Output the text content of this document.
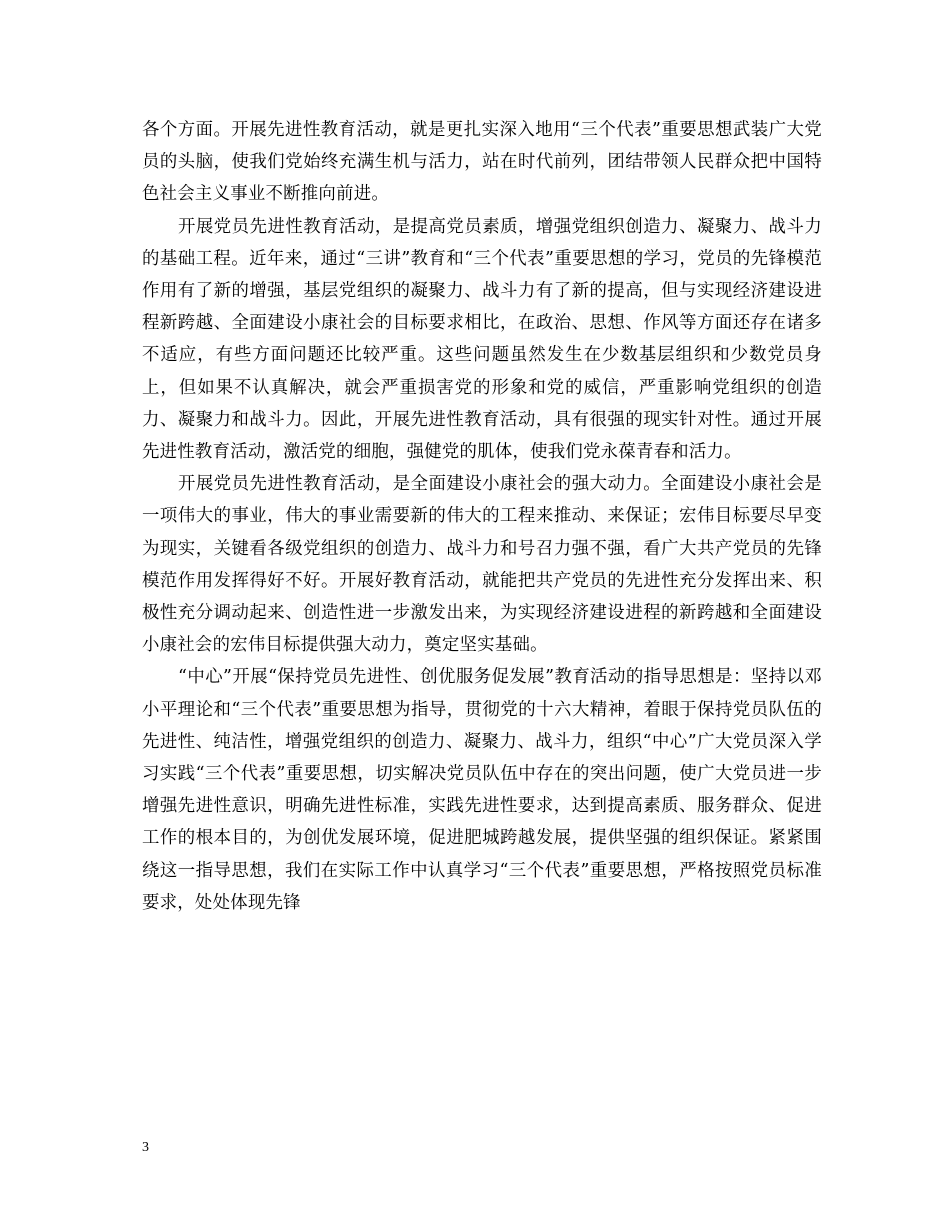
各个方面。开展先进性教育活动，就是更扎实深入地用“三个代表”重要思想武装广大党员的头脑，使我们党始终充满生机与活力，站在时代前列，团结带领人民群众把中国特色社会主义事业不断推向前进。

开展党员先进性教育活动，是提高党员素质，增强党组织创造力、凝聚力、战斗力的基础工程。近年来，通过“三讲”教育和“三个代表”重要思想的学习，党员的先锋模范作用有了新的增强，基层党组织的凝聚力、战斗力有了新的提高，但与实现经济建设进程新跨越、全面建设小康社会的目标要求相比，在政治、思想、作风等方面还存在诸多不适应，有些方面问题还比较严重。这些问题虽然发生在少数基层组织和少数党员身上，但如果不认真解决，就会严重损害党的形象和党的威信，严重影响党组织的创造力、凝聚力和战斗力。因此，开展先进性教育活动，具有很强的现实针对性。通过开展先进性教育活动，激活党的细胞，强健党的肌体，使我们党永葆青春和活力。

开展党员先进性教育活动，是全面建设小康社会的强大动力。全面建设小康社会是一项伟大的事业，伟大的事业需要新的伟大的工程来推动、来保证；宏伟目标要尽早变为现实，关键看各级党组织的创造力、战斗力和号召力强不强，看广大共产党员的先锋模范作用发挥得好不好。开展好教育活动，就能把共产党员的先进性充分发挥出来、积极性充分调动起来、创造性进一步激发出来，为实现经济建设进程的新跨越和全面建设小康社会的宏伟目标提供强大动力，奠定坚实基础。

“中心”开展“保持党员先进性、创优服务促发展”教育活动的指导思想是：坚持以邓小平理论和“三个代表”重要思想为指导，贯彻党的十六大精神，着眼于保持党员队伍的先进性、纯洁性，增强党组织的创造力、凝聚力、战斗力，组织“中心”广大党员深入学习实践“三个代表”重要思想，切实解决党员队伍中存在的突出问题，使广大党员进一步增强先进性意识，明确先进性标准，实践先进性要求，达到提高素质、服务群众、促进工作的根本目的，为创优发展环境，促进肥城跨越发展，提供坚强的组织保证。紧紧围绕这一指导思想，我们在实际工作中认真学习“三个代表”重要思想，严格按照党员标准要求，处处体现先锋

3
